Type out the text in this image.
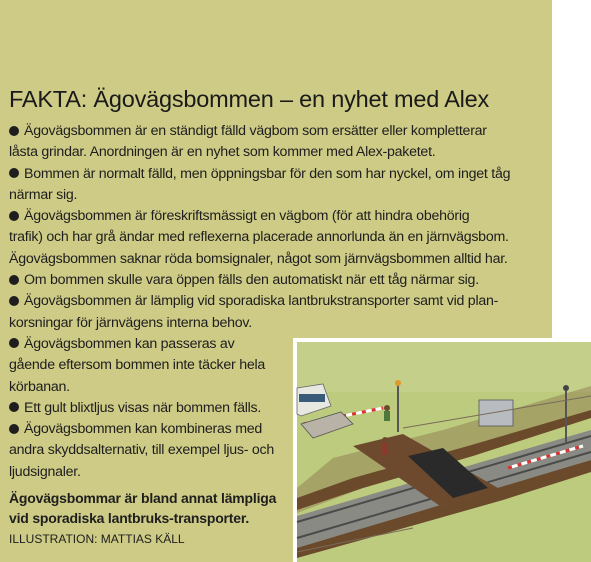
FAKTA: Ägovägsbommen – en nyhet med Alex
Ägovägsbommen är en ständigt fälld vägbom som ersätter eller kompletterar
låsta grindar. Anordningen är en nyhet som kommer med Alex-paketet.
Bommen är normalt fälld, men öppningsbar för den som har nyckel, om inget tåg
närmar sig.
Ägovägsbommen är föreskriftsmässigt en vägbom (för att hindra obehörig
trafik) och har grå ändar med reflexerna placerade annorlunda än en järnvägsbom.
Ägovägsbommen saknar röda bomsignaler, något som järnvägsbommen alltid har.
Om bommen skulle vara öppen fälls den automatiskt när ett tåg närmar sig.
Ägovägsbommen är lämplig vid sporadiska lantbrukstransporter samt vid plan-
korsningar för järnvägens interna behov.
Ägovägsbommen kan passeras av
gående eftersom bommen inte täcker hela
körbanan.
Ett gult blixtljus visas när bommen fälls.
Ägovägsbommen kan kombineras med
andra skyddsalternativ, till exempel ljus- och
ljudsignaler.

Ägovägsbommar är bland annat lämpliga vid sporadiska lantbruks-transporter. ILLUSTRATION: MATTIAS KÄLL
